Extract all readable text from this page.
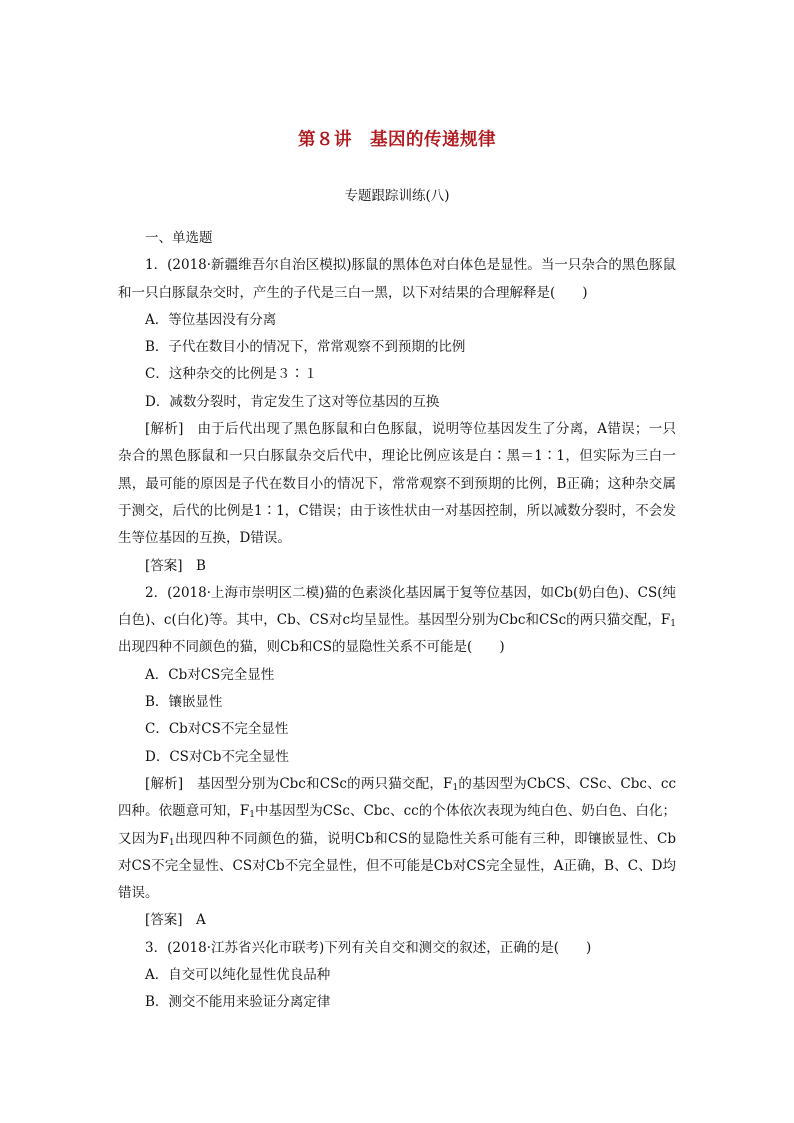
第８讲　基因的传递规律
专题跟踪训练(八)

一、单选题

1．(2018·新疆维吾尔自治区模拟)豚鼠的黑体色对白体色是显性。当一只杂合的黑色豚鼠和一只白豚鼠杂交时，产生的子代是三白一黑，以下对结果的合理解释是(　　)

A．等位基因没有分离

B．子代在数目小的情况下，常常观察不到预期的比例

C．这种杂交的比例是３∶１

D．减数分裂时，肯定发生了这对等位基因的互换

[解析]　由于后代出现了黑色豚鼠和白色豚鼠，说明等位基因发生了分离，A错误；一只杂合的黑色豚鼠和一只白豚鼠杂交后代中，理论比例应该是白∶黑＝1∶1，但实际为三白一黑，最可能的原因是子代在数目小的情况下，常常观察不到预期的比例，B正确；这种杂交属于测交，后代的比例是1∶1，C错误；由于该性状由一对基因控制，所以减数分裂时，不会发生等位基因的互换，D错误。

[答案]　B

2．(2018·上海市崇明区二模)猫的色素淡化基因属于复等位基因，如Cb(奶白色)、CS(纯白色)、c(白化)等。其中，Cb、CS对c均呈显性。基因型分别为Cbc和CSc的两只猫交配，$F_1$出现四种不同颜色的猫，则Cb和CS的显隐性关系不可能是(　　)

A．Cb对CS完全显性

B．镶嵌显性

C．Cb对CS不完全显性

D．CS对Cb不完全显性

[解析]　基因型分别为Cbc和CSc的两只猫交配，$F_1$的基因型为CbCS、CSc、Cbc、cc四种。依题意可知，$F_1$中基因型为CSc、Cbc、cc的个体依次表现为纯白色、奶白色、白化；又因为$F_1$出现四种不同颜色的猫，说明Cb和CS的显隐性关系可能有三种，即镶嵌显性、Cb对CS不完全显性、CS对Cb不完全显性，但不可能是Cb对CS完全显性，A正确，B、C、D均错误。

[答案]　A

3．(2018·江苏省兴化市联考)下列有关自交和测交的叙述，正确的是(　　)

A．自交可以纯化显性优良品种

B．测交不能用来验证分离定律
